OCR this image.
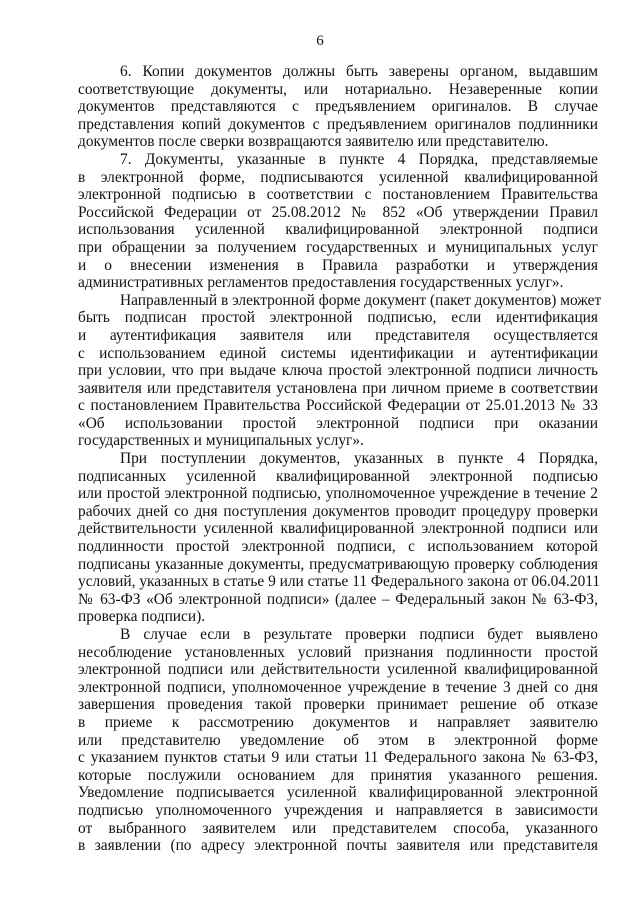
6
6. Копии документов должны быть заверены органом, выдавшим
соответствующие документы, или нотариально. Незаверенные копии
документов представляются с предъявлением оригиналов. В случае
представления копий документов с предъявлением оригиналов подлинники
документов после сверки возвращаются заявителю или представителю.
7. Документы, указанные в пункте 4 Порядка, представляемые
в электронной форме, подписываются усиленной квалифицированной
электронной подписью в соответствии с постановлением Правительства
Российской Федерации от 25.08.2012 № 852 «Об утверждении Правил
использования усиленной квалифицированной электронной подписи
при обращении за получением государственных и муниципальных услуг
и о внесении изменения в Правила разработки и утверждения
административных регламентов предоставления государственных услуг».
Направленный в электронной форме документ (пакет документов) может
быть подписан простой электронной подписью, если идентификация
и аутентификация заявителя или представителя осуществляется
с использованием единой системы идентификации и аутентификации
при условии, что при выдаче ключа простой электронной подписи личность
заявителя или представителя установлена при личном приеме в соответствии
с постановлением Правительства Российской Федерации от 25.01.2013 № 33
«Об использовании простой электронной подписи при оказании
государственных и муниципальных услуг».
При поступлении документов, указанных в пункте 4 Порядка,
подписанных усиленной квалифицированной электронной подписью
или простой электронной подписью, уполномоченное учреждение в течение 2
рабочих дней со дня поступления документов проводит процедуру проверки
действительности усиленной квалифицированной электронной подписи или
подлинности простой электронной подписи, с использованием которой
подписаны указанные документы, предусматривающую проверку соблюдения
условий, указанных в статье 9 или статье 11 Федерального закона от 06.04.2011
№ 63-ФЗ «Об электронной подписи» (далее – Федеральный закон № 63-ФЗ,
проверка подписи).
В случае если в результате проверки подписи будет выявлено
несоблюдение установленных условий признания подлинности простой
электронной подписи или действительности усиленной квалифицированной
электронной подписи, уполномоченное учреждение в течение 3 дней со дня
завершения проведения такой проверки принимает решение об отказе
в приеме к рассмотрению документов и направляет заявителю
или представителю уведомление об этом в электронной форме
с указанием пунктов статьи 9 или статьи 11 Федерального закона № 63-ФЗ,
которые послужили основанием для принятия указанного решения.
Уведомление подписывается усиленной квалифицированной электронной
подписью уполномоченного учреждения и направляется в зависимости
от выбранного заявителем или представителем способа, указанного
в заявлении (по адресу электронной почты заявителя или представителя
